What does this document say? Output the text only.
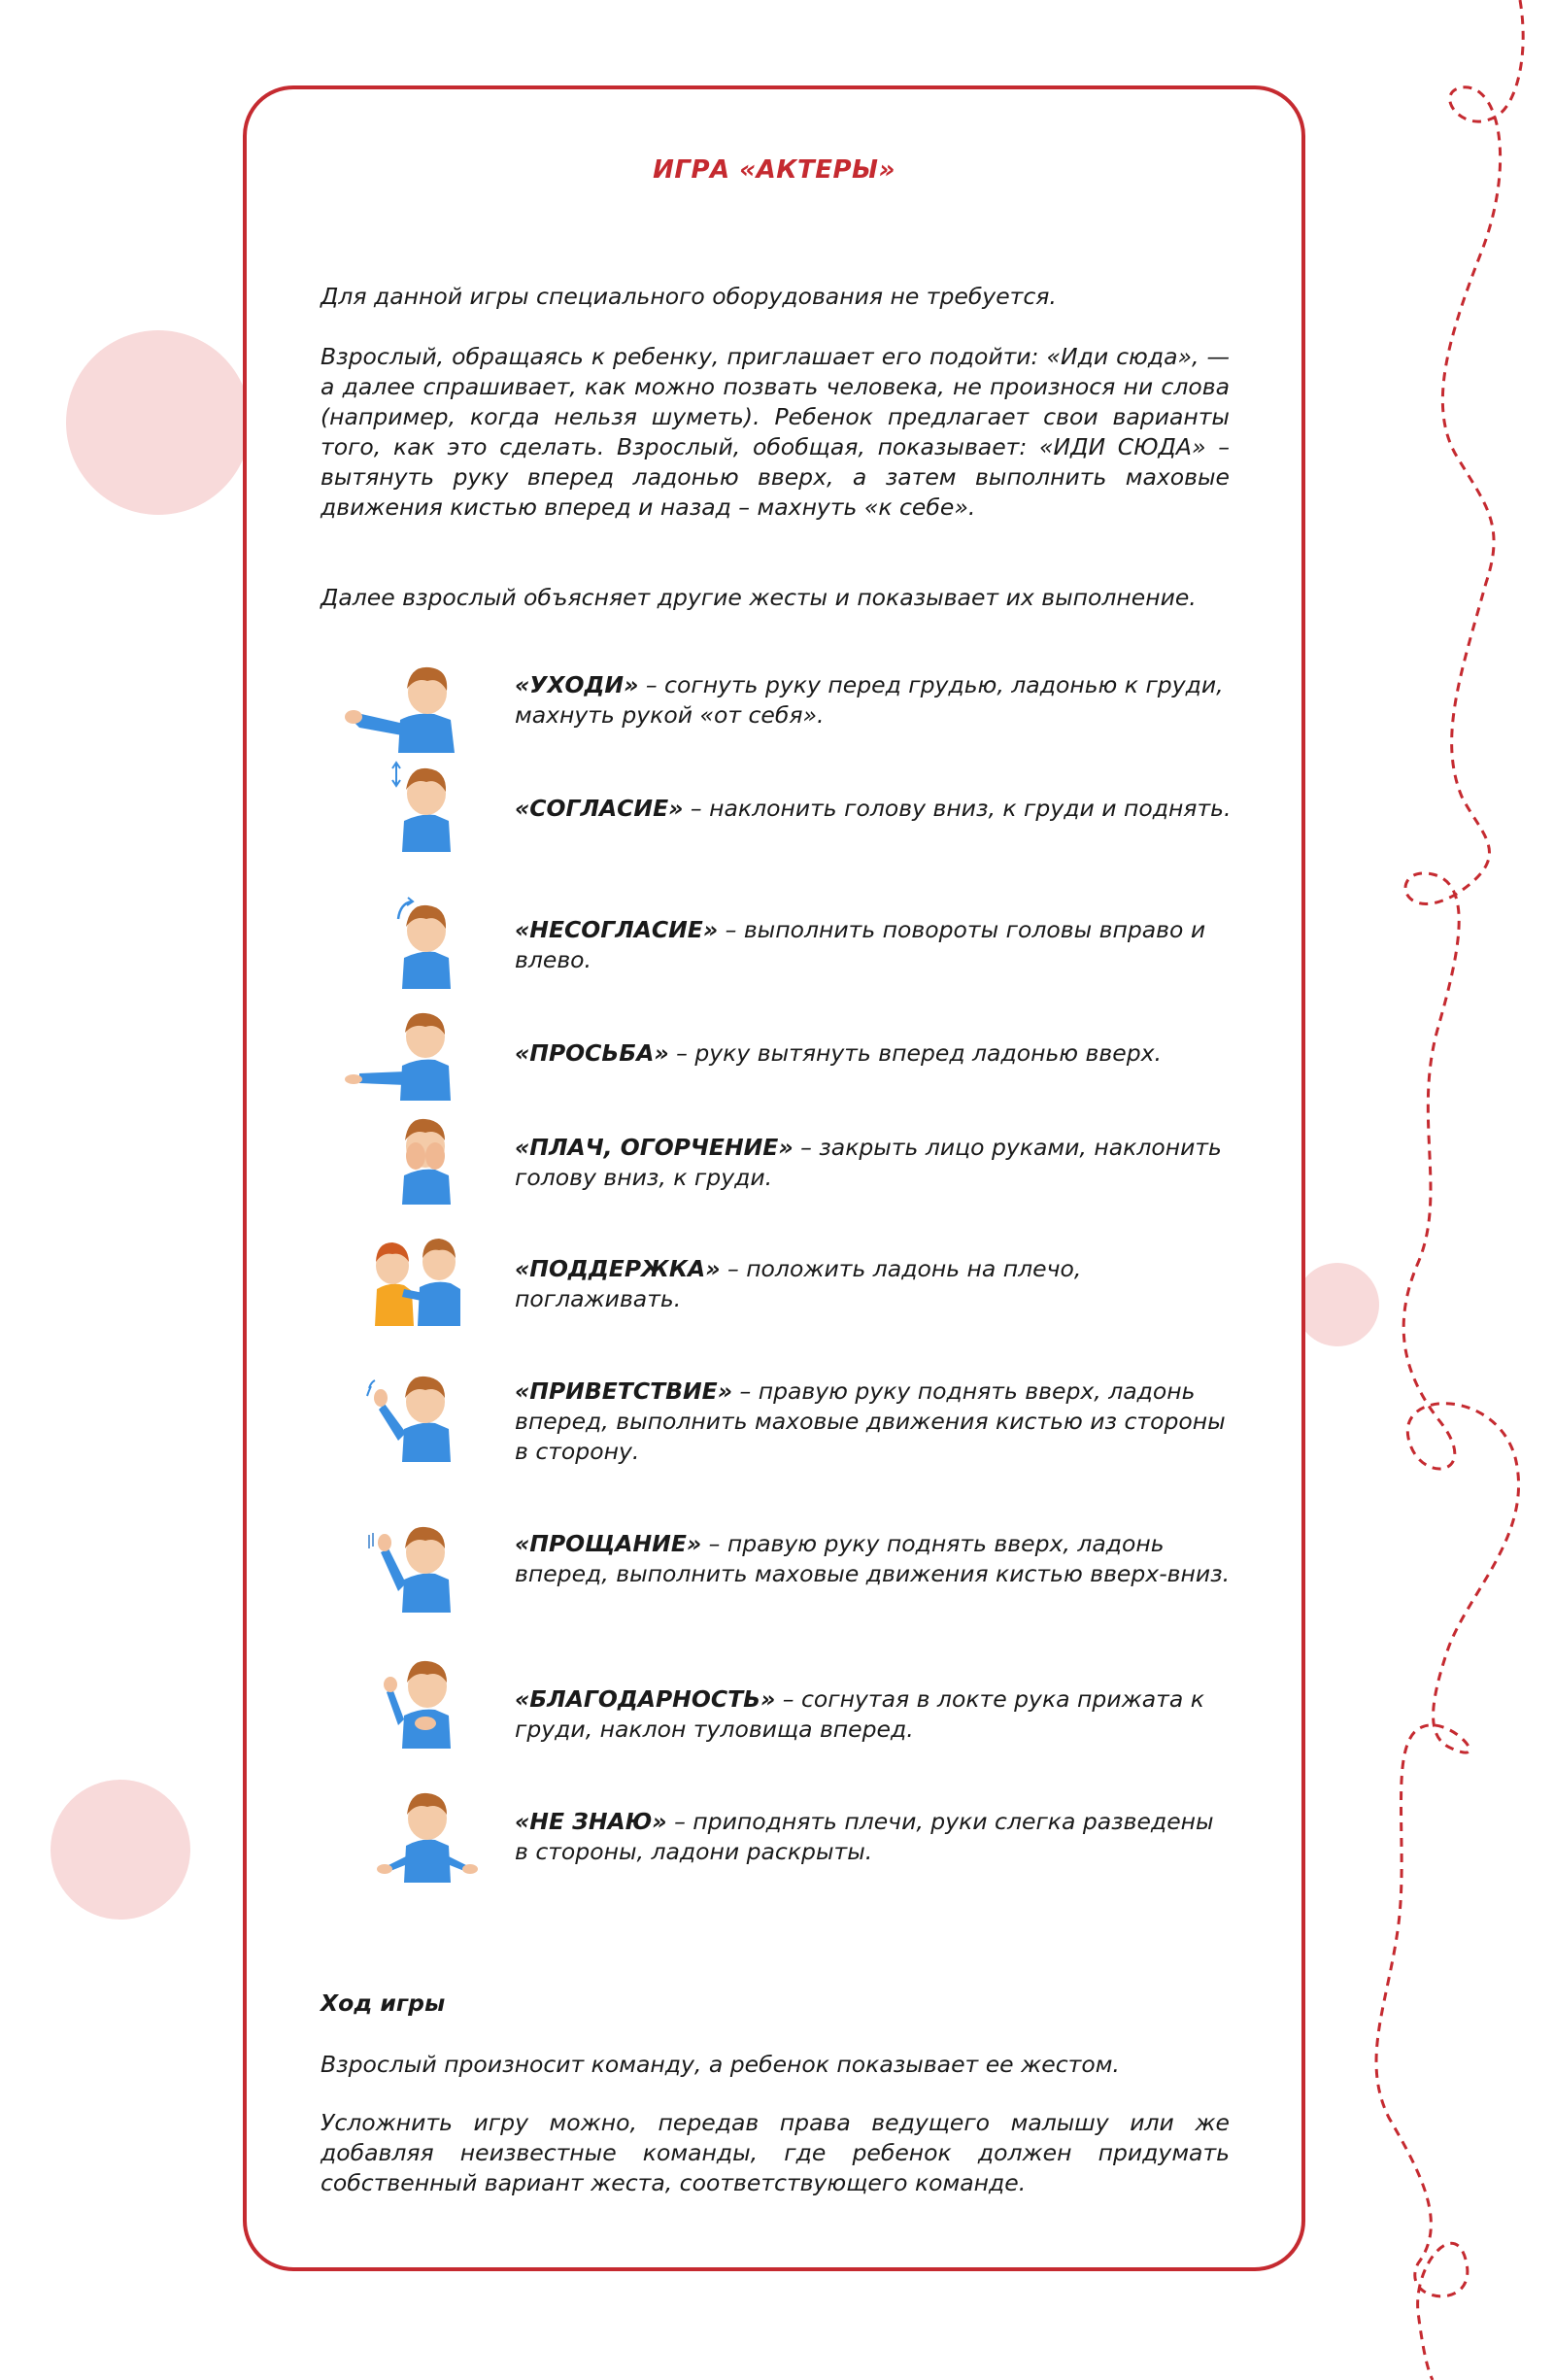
ИГРА «АКТЕРЫ»

Для данной игры специального оборудования не требуется.

Взрослый, обращаясь к ребенку, приглашает его подойти: «Иди сюда», — а далее спрашивает, как можно позвать человека, не произнося ни слова (например, когда нельзя шуметь). Ребенок предлагает свои варианты того, как это сделать. Взрослый, обобщая, показывает: «ИДИ СЮДА» – вытянуть руку вперед ладонью вверх, а затем выполнить маховые движения кистью вперед и назад – махнуть «к себе».

Далее взрослый объясняет другие жесты и показывает их выполнение.

«УХОДИ» – согнуть руку перед грудью, ладонью к груди, махнуть рукой «от себя».
«СОГЛАСИЕ» – наклонить голову вниз, к груди и поднять.
«НЕСОГЛАСИЕ» – выполнить повороты головы вправо и влево.
«ПРОСЬБА» – руку вытянуть вперед ладонью вверх.
«ПЛАЧ, ОГОРЧЕНИЕ» – закрыть лицо руками, наклонить голову вниз, к груди.
«ПОДДЕРЖКА» – положить ладонь на плечо, поглаживать.
«ПРИВЕТСТВИЕ» – правую руку поднять вверх, ладонь вперед, выполнить маховые движения кистью из стороны в сторону.
«ПРОЩАНИЕ» – правую руку поднять вверх, ладонь вперед, выполнить маховые движения кистью вверх-вниз.
«БЛАГОДАРНОСТЬ» – согнутая в локте рука прижата к груди, наклон туловища вперед.
«НЕ ЗНАЮ» – приподнять плечи, руки слегка разведены в стороны, ладони раскрыты.

Ход игры

Взрослый произносит команду, а ребенок показывает ее жестом.

Усложнить игру можно, передав права ведущего малышу или же добавляя неизвестные команды, где ребенок должен придумать собственный вариант жеста, соответствующего команде.
